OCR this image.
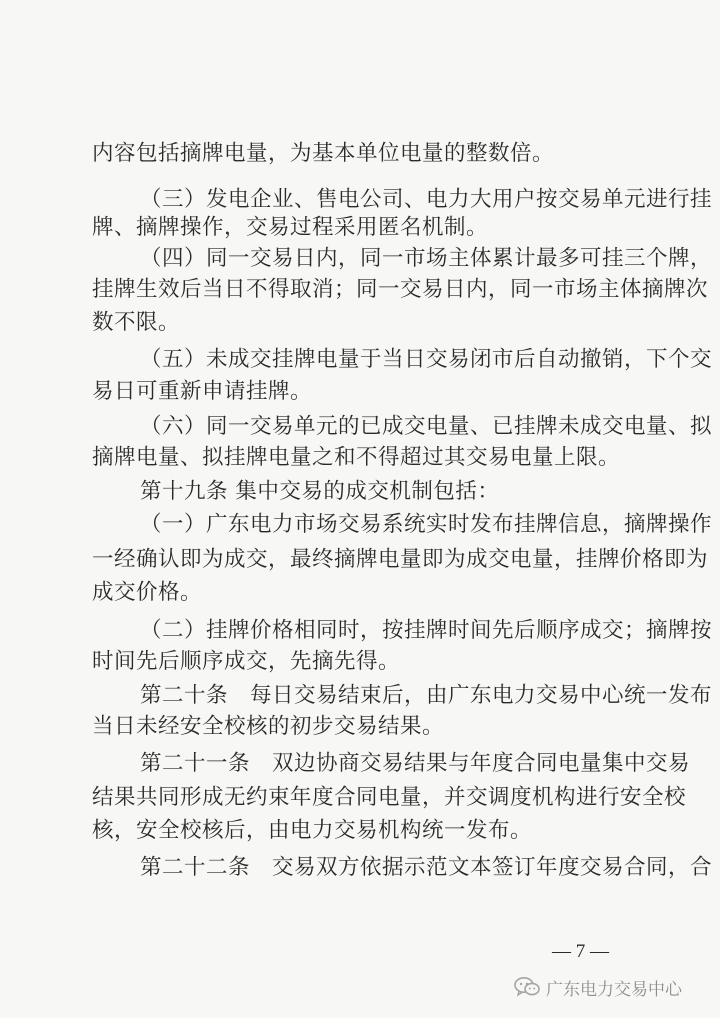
内容包括摘牌电量，为基本单位电量的整数倍。
（三）发电企业、售电公司、电力大用户按交易单元进行挂
牌、摘牌操作，交易过程采用匿名机制。
（四）同一交易日内，同一市场主体累计最多可挂三个牌，
挂牌生效后当日不得取消；同一交易日内，同一市场主体摘牌次
数不限。
（五）未成交挂牌电量于当日交易闭市后自动撤销，下个交
易日可重新申请挂牌。
（六）同一交易单元的已成交电量、已挂牌未成交电量、拟
摘牌电量、拟挂牌电量之和不得超过其交易电量上限。
第十九条 集中交易的成交机制包括：
（一）广东电力市场交易系统实时发布挂牌信息，摘牌操作
一经确认即为成交，最终摘牌电量即为成交电量，挂牌价格即为
成交价格。
（二）挂牌价格相同时，按挂牌时间先后顺序成交；摘牌按
时间先后顺序成交，先摘先得。
第二十条　每日交易结束后，由广东电力交易中心统一发布
当日未经安全校核的初步交易结果。
第二十一条　双边协商交易结果与年度合同电量集中交易
结果共同形成无约束年度合同电量，并交调度机构进行安全校
核，安全校核后，由电力交易机构统一发布。
第二十二条　交易双方依据示范文本签订年度交易合同，合
— 7 —
广东电力交易中心
